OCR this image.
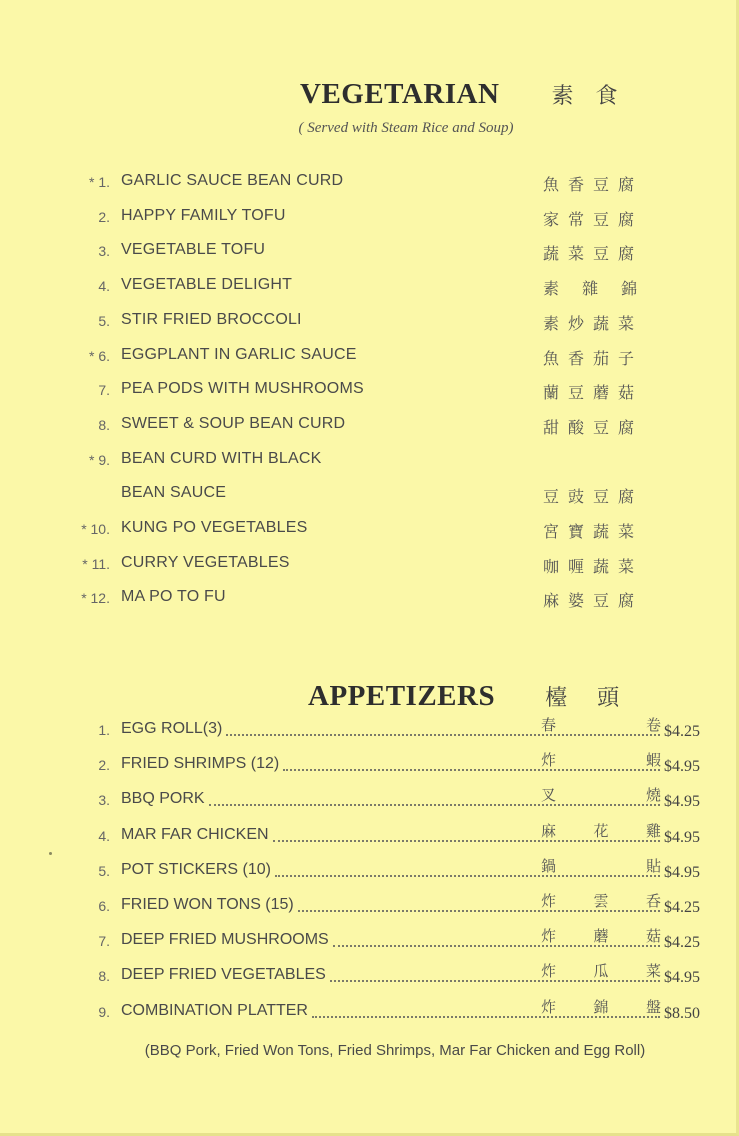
VEGETARIAN 素食
( Served with Steam Rice and Soup)
* 1. GARLIC SAUCE BEAN CURD	魚香豆腐
2. HAPPY FAMILY TOFU	家常豆腐
3. VEGETABLE TOFU	蔬菜豆腐
4. VEGETABLE DELIGHT	素 雜 錦
5. STIR FRIED BROCCOLI	素炒蔬菜
* 6. EGGPLANT IN GARLIC SAUCE	魚香茄子
7. PEA PODS WITH MUSHROOMS	蘭豆蘑菇
8. SWEET & SOUP BEAN CURD	甜酸豆腐
* 9. BEAN CURD WITH BLACK
BEAN SAUCE	豆豉豆腐
* 10. KUNG PO VEGETABLES	宮寶蔬菜
* 11. CURRY VEGETABLES	咖喱蔬菜
* 12. MA PO TO FU	麻婆豆腐
APPETIZERS 檯頭
1. EGG ROLL(3)	春	卷 $4.25
2. FRIED SHRIMPS (12)	炸	蝦 $4.95
3. BBQ PORK	叉	燒 $4.95
4. MAR FAR CHICKEN	麻 花 雞 $4.95
5. POT STICKERS (10)	鍋	貼 $4.95
6. FRIED WON TONS (15)	炸 雲 呑 $4.25
7. DEEP FRIED MUSHROOMS	炸 蘑 菇 $4.25
8. DEEP FRIED VEGETABLES	炸 瓜 菜 $4.95
9. COMBINATION PLATTER	炸 錦 盤 $8.50
(BBQ Pork, Fried Won Tons, Fried Shrimps, Mar Far Chicken and Egg Roll)
